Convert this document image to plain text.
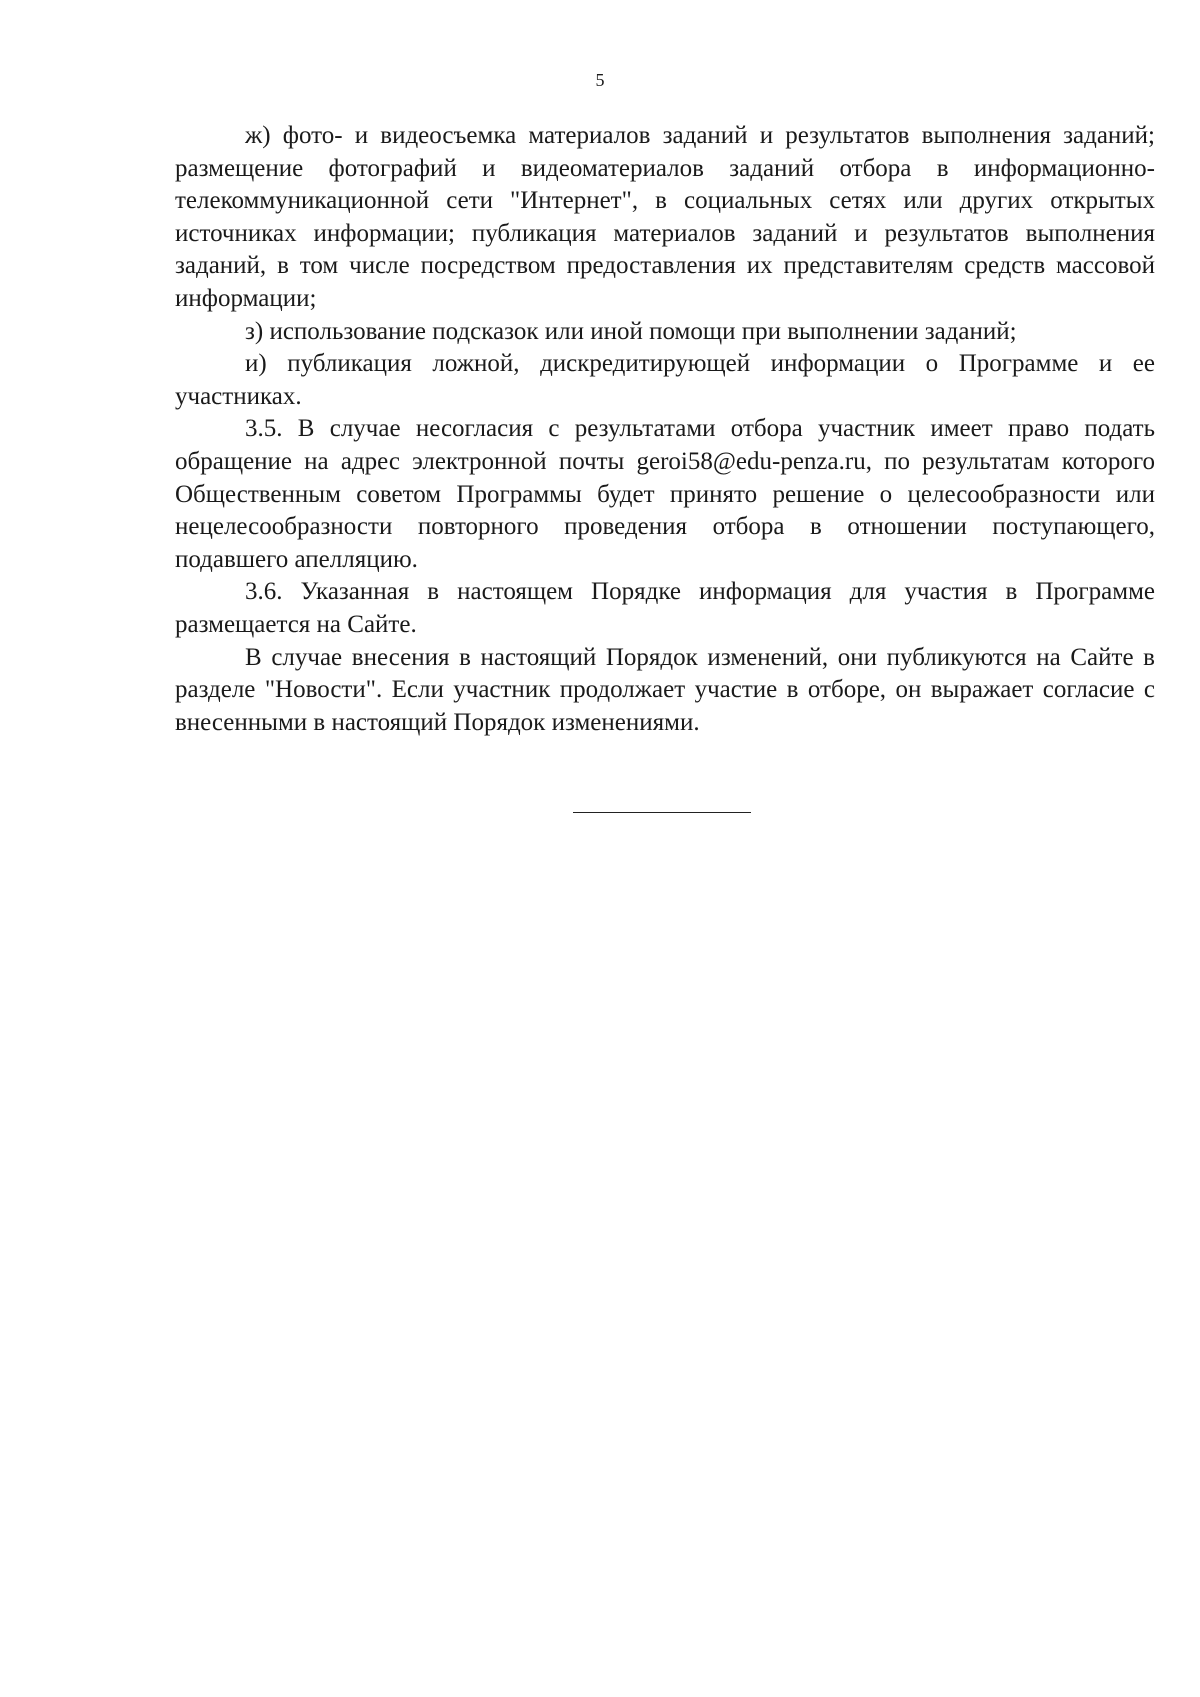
5

ж) фото- и видеосъемка материалов заданий и результатов выполнения заданий; размещение фотографий и видеоматериалов заданий отбора в информационно-телекоммуникационной сети "Интернет", в социальных сетях или других открытых источниках информации; публикация материалов заданий и результатов выполнения заданий, в том числе посредством предоставления их представителям средств массовой информации;

з) использование подсказок или иной помощи при выполнении заданий;

и) публикация ложной, дискредитирующей информации о Программе и ее участниках.

3.5. В случае несогласия с результатами отбора участник имеет право подать обращение на адрес электронной почты geroi58@edu-penza.ru, по результатам которого Общественным советом Программы будет принято решение о целесообразности или нецелесообразности повторного проведения отбора в отношении поступающего, подавшего апелляцию.

3.6. Указанная в настоящем Порядке информация для участия в Программе размещается на Сайте.

В случае внесения в настоящий Порядок изменений, они публикуются на Сайте в разделе "Новости". Если участник продолжает участие в отборе, он выражает согласие с внесенными в настоящий Порядок изменениями.
